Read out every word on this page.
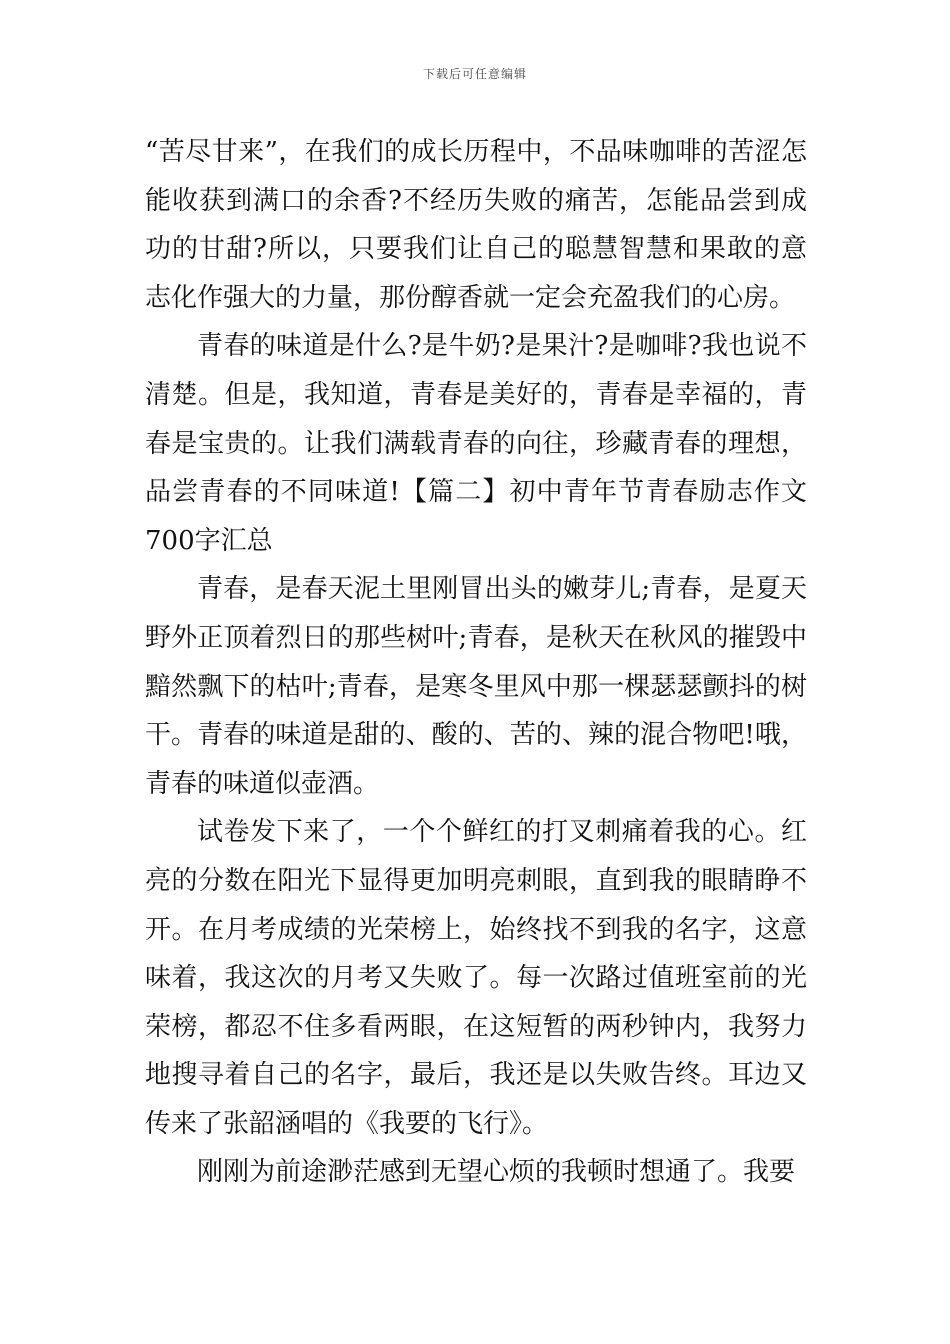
下载后可任意编辑

“苦尽甘来”，在我们的成长历程中，不品味咖啡的苦涩怎能收获到满口的余香?不经历失败的痛苦，怎能品尝到成功的甘甜?所以，只要我们让自己的聪慧智慧和果敢的意志化作强大的力量，那份醇香就一定会充盈我们的心房。

青春的味道是什么?是牛奶?是果汁?是咖啡?我也说不清楚。但是，我知道，青春是美好的，青春是幸福的，青春是宝贵的。让我们满载青春的向往，珍藏青春的理想，品尝青春的不同味道!【篇二】初中青年节青春励志作文700字汇总

青春，是春天泥土里刚冒出头的嫩芽儿;青春，是夏天野外正顶着烈日的那些树叶;青春，是秋天在秋风的摧毁中黯然飘下的枯叶;青春，是寒冬里风中那一棵瑟瑟颤抖的树干。青春的味道是甜的、酸的、苦的、辣的混合物吧!哦，青春的味道似壶酒。

试卷发下来了，一个个鲜红的打叉刺痛着我的心。红亮的分数在阳光下显得更加明亮刺眼，直到我的眼睛睁不开。在月考成绩的光荣榜上，始终找不到我的名字，这意味着，我这次的月考又失败了。每一次路过值班室前的光荣榜，都忍不住多看两眼，在这短暂的两秒钟内，我努力地搜寻着自己的名字，最后，我还是以失败告终。耳边又传来了张韶涵唱的《我要的飞行》。

刚刚为前途渺茫感到无望心烦的我顿时想通了。我要
